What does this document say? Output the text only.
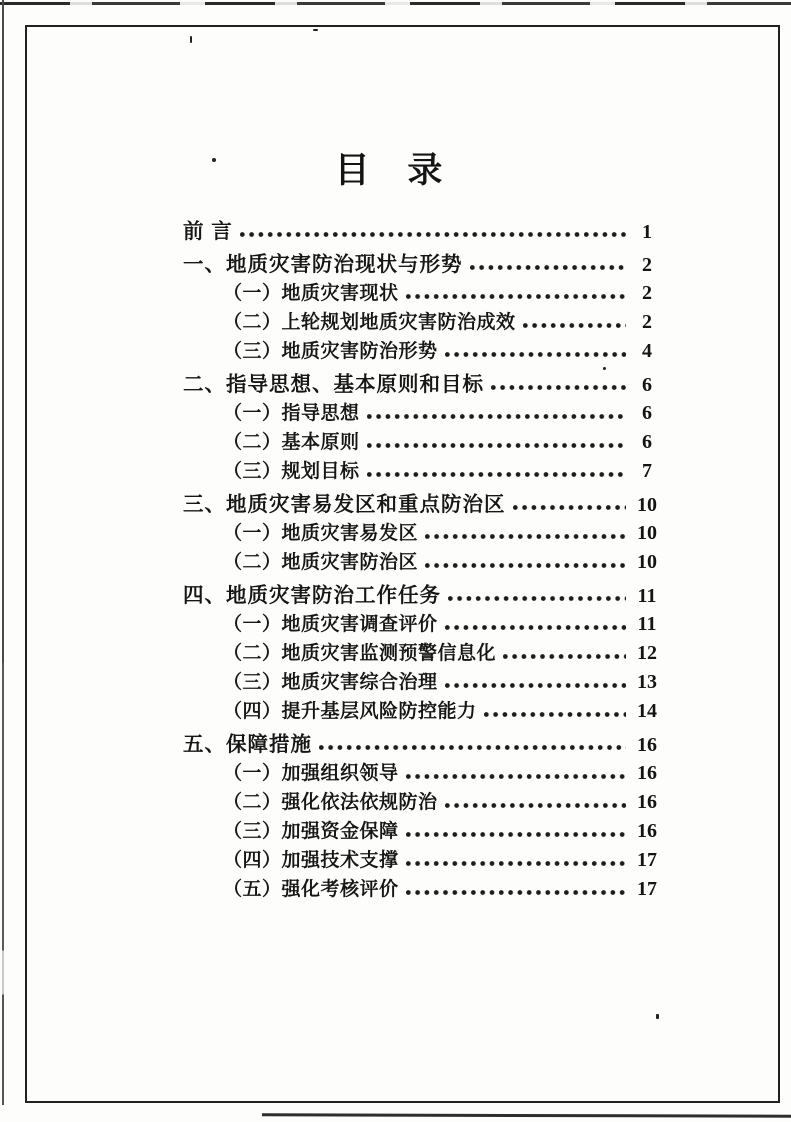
目 录
前 言	1
一、地质灾害防治现状与形势	2
（一）地质灾害现状	2
（二）上轮规划地质灾害防治成效	2
（三）地质灾害防治形势	4
二、指导思想、基本原则和目标	6
（一）指导思想	6
（二）基本原则	6
（三）规划目标	7
三、地质灾害易发区和重点防治区	10
（一）地质灾害易发区	10
（二）地质灾害防治区	10
四、地质灾害防治工作任务	11
（一）地质灾害调查评价	11
（二）地质灾害监测预警信息化	12
（三）地质灾害综合治理	13
（四）提升基层风险防控能力	14
五、保障措施	16
（一）加强组织领导	16
（二）强化依法依规防治	16
（三）加强资金保障	16
（四）加强技术支撑	17
（五）强化考核评价	17
